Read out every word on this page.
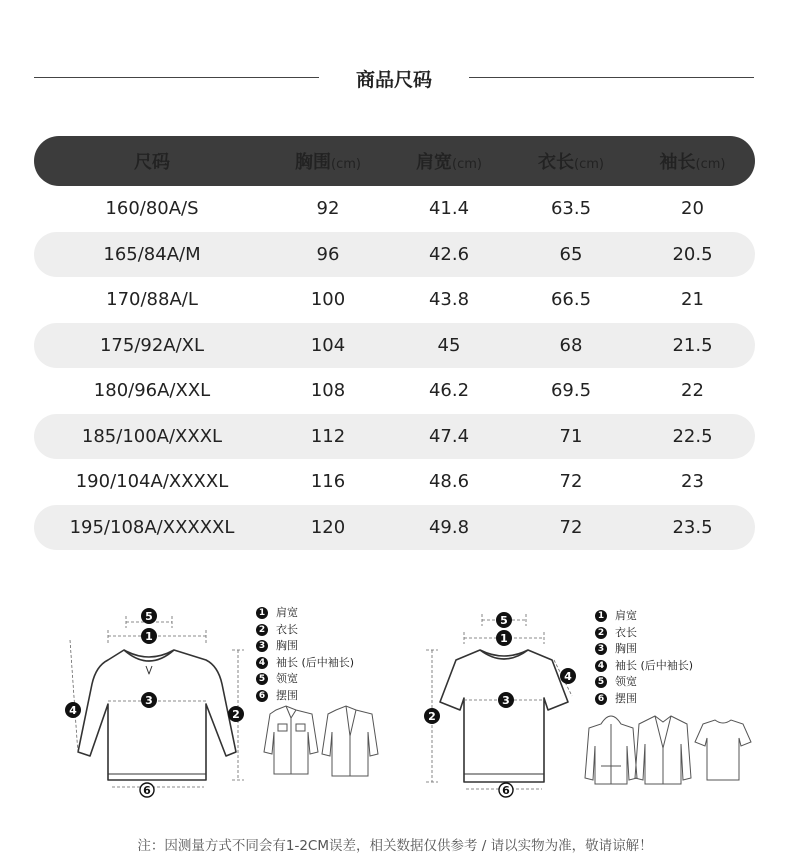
商品尺码
尺码	胸围(cm)	肩宽(cm)	衣长(cm)	袖长(cm)
160/80A/S	92	41.4	63.5	20
165/84A/M	96	42.6	65	20.5
170/88A/L	100	43.8	66.5	21
175/92A/XL	104	45	68	21.5
180/96A/XXL	108	46.2	69.5	22
185/100A/XXXL	112	47.4	71	22.5
190/104A/XXXXL	116	48.6	72	23
195/108A/XXXXXL	120	49.8	72	23.5
5
1
3
6
2
4
1 肩宽
2 衣长
3 胸围
4 袖长 (后中袖长)
5 领宽
6 摆围
5
1
3
6
2
4
1 肩宽
2 衣长
3 胸围
4 袖长 (后中袖长)
5 领宽
6 摆围
注：因测量方式不同会有1-2CM误差，相关数据仅供参考 / 请以实物为准，敬请谅解！
